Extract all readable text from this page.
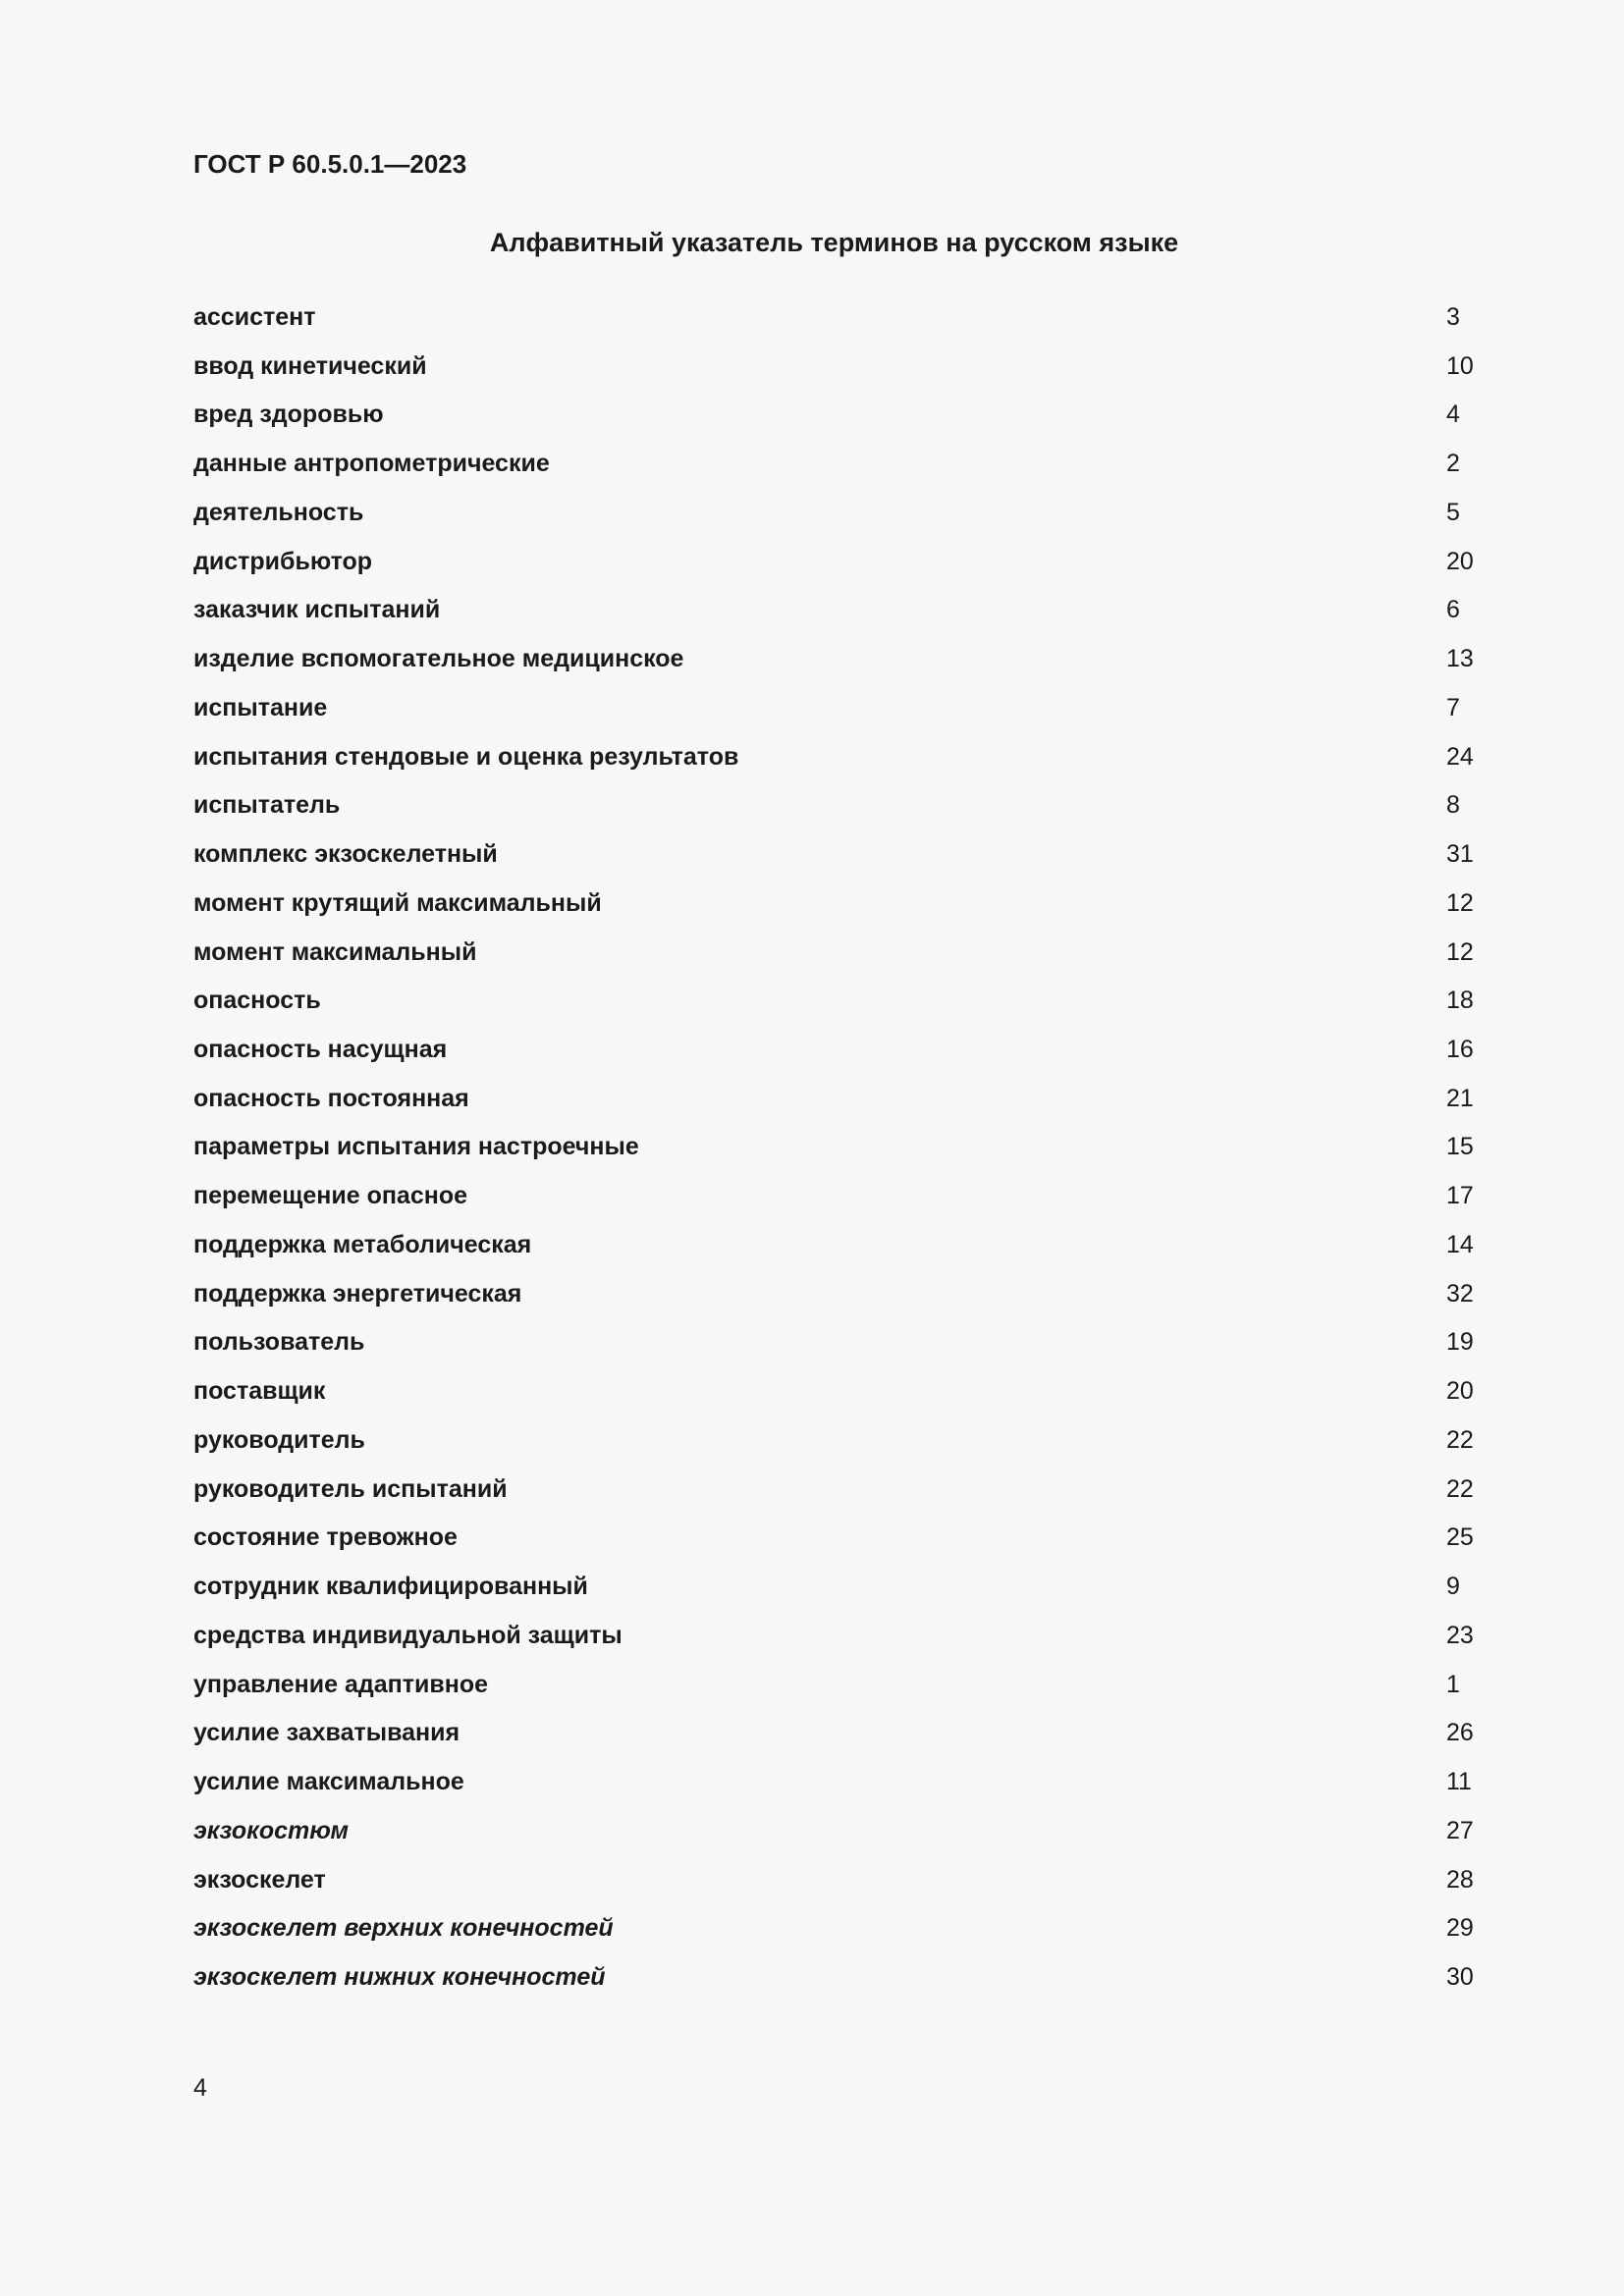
ГОСТ Р 60.5.0.1—2023
Алфавитный указатель терминов на русском языке
ассистент	3
ввод кинетический	10
вред здоровью	4
данные антропометрические	2
деятельность	5
дистрибьютор	20
заказчик испытаний	6
изделие вспомогательное медицинское	13
испытание	7
испытания стендовые и оценка результатов	24
испытатель	8
комплекс экзоскелетный	31
момент крутящий максимальный	12
момент максимальный	12
опасность	18
опасность насущная	16
опасность постоянная	21
параметры испытания настроечные	15
перемещение опасное	17
поддержка метаболическая	14
поддержка энергетическая	32
пользователь	19
поставщик	20
руководитель	22
руководитель испытаний	22
состояние тревожное	25
сотрудник квалифицированный	9
средства индивидуальной защиты	23
управление адаптивное	1
усилие захватывания	26
усилие максимальное	11
экзокостюм	27
экзоскелет	28
экзоскелет верхних конечностей	29
экзоскелет нижних конечностей	30
4
